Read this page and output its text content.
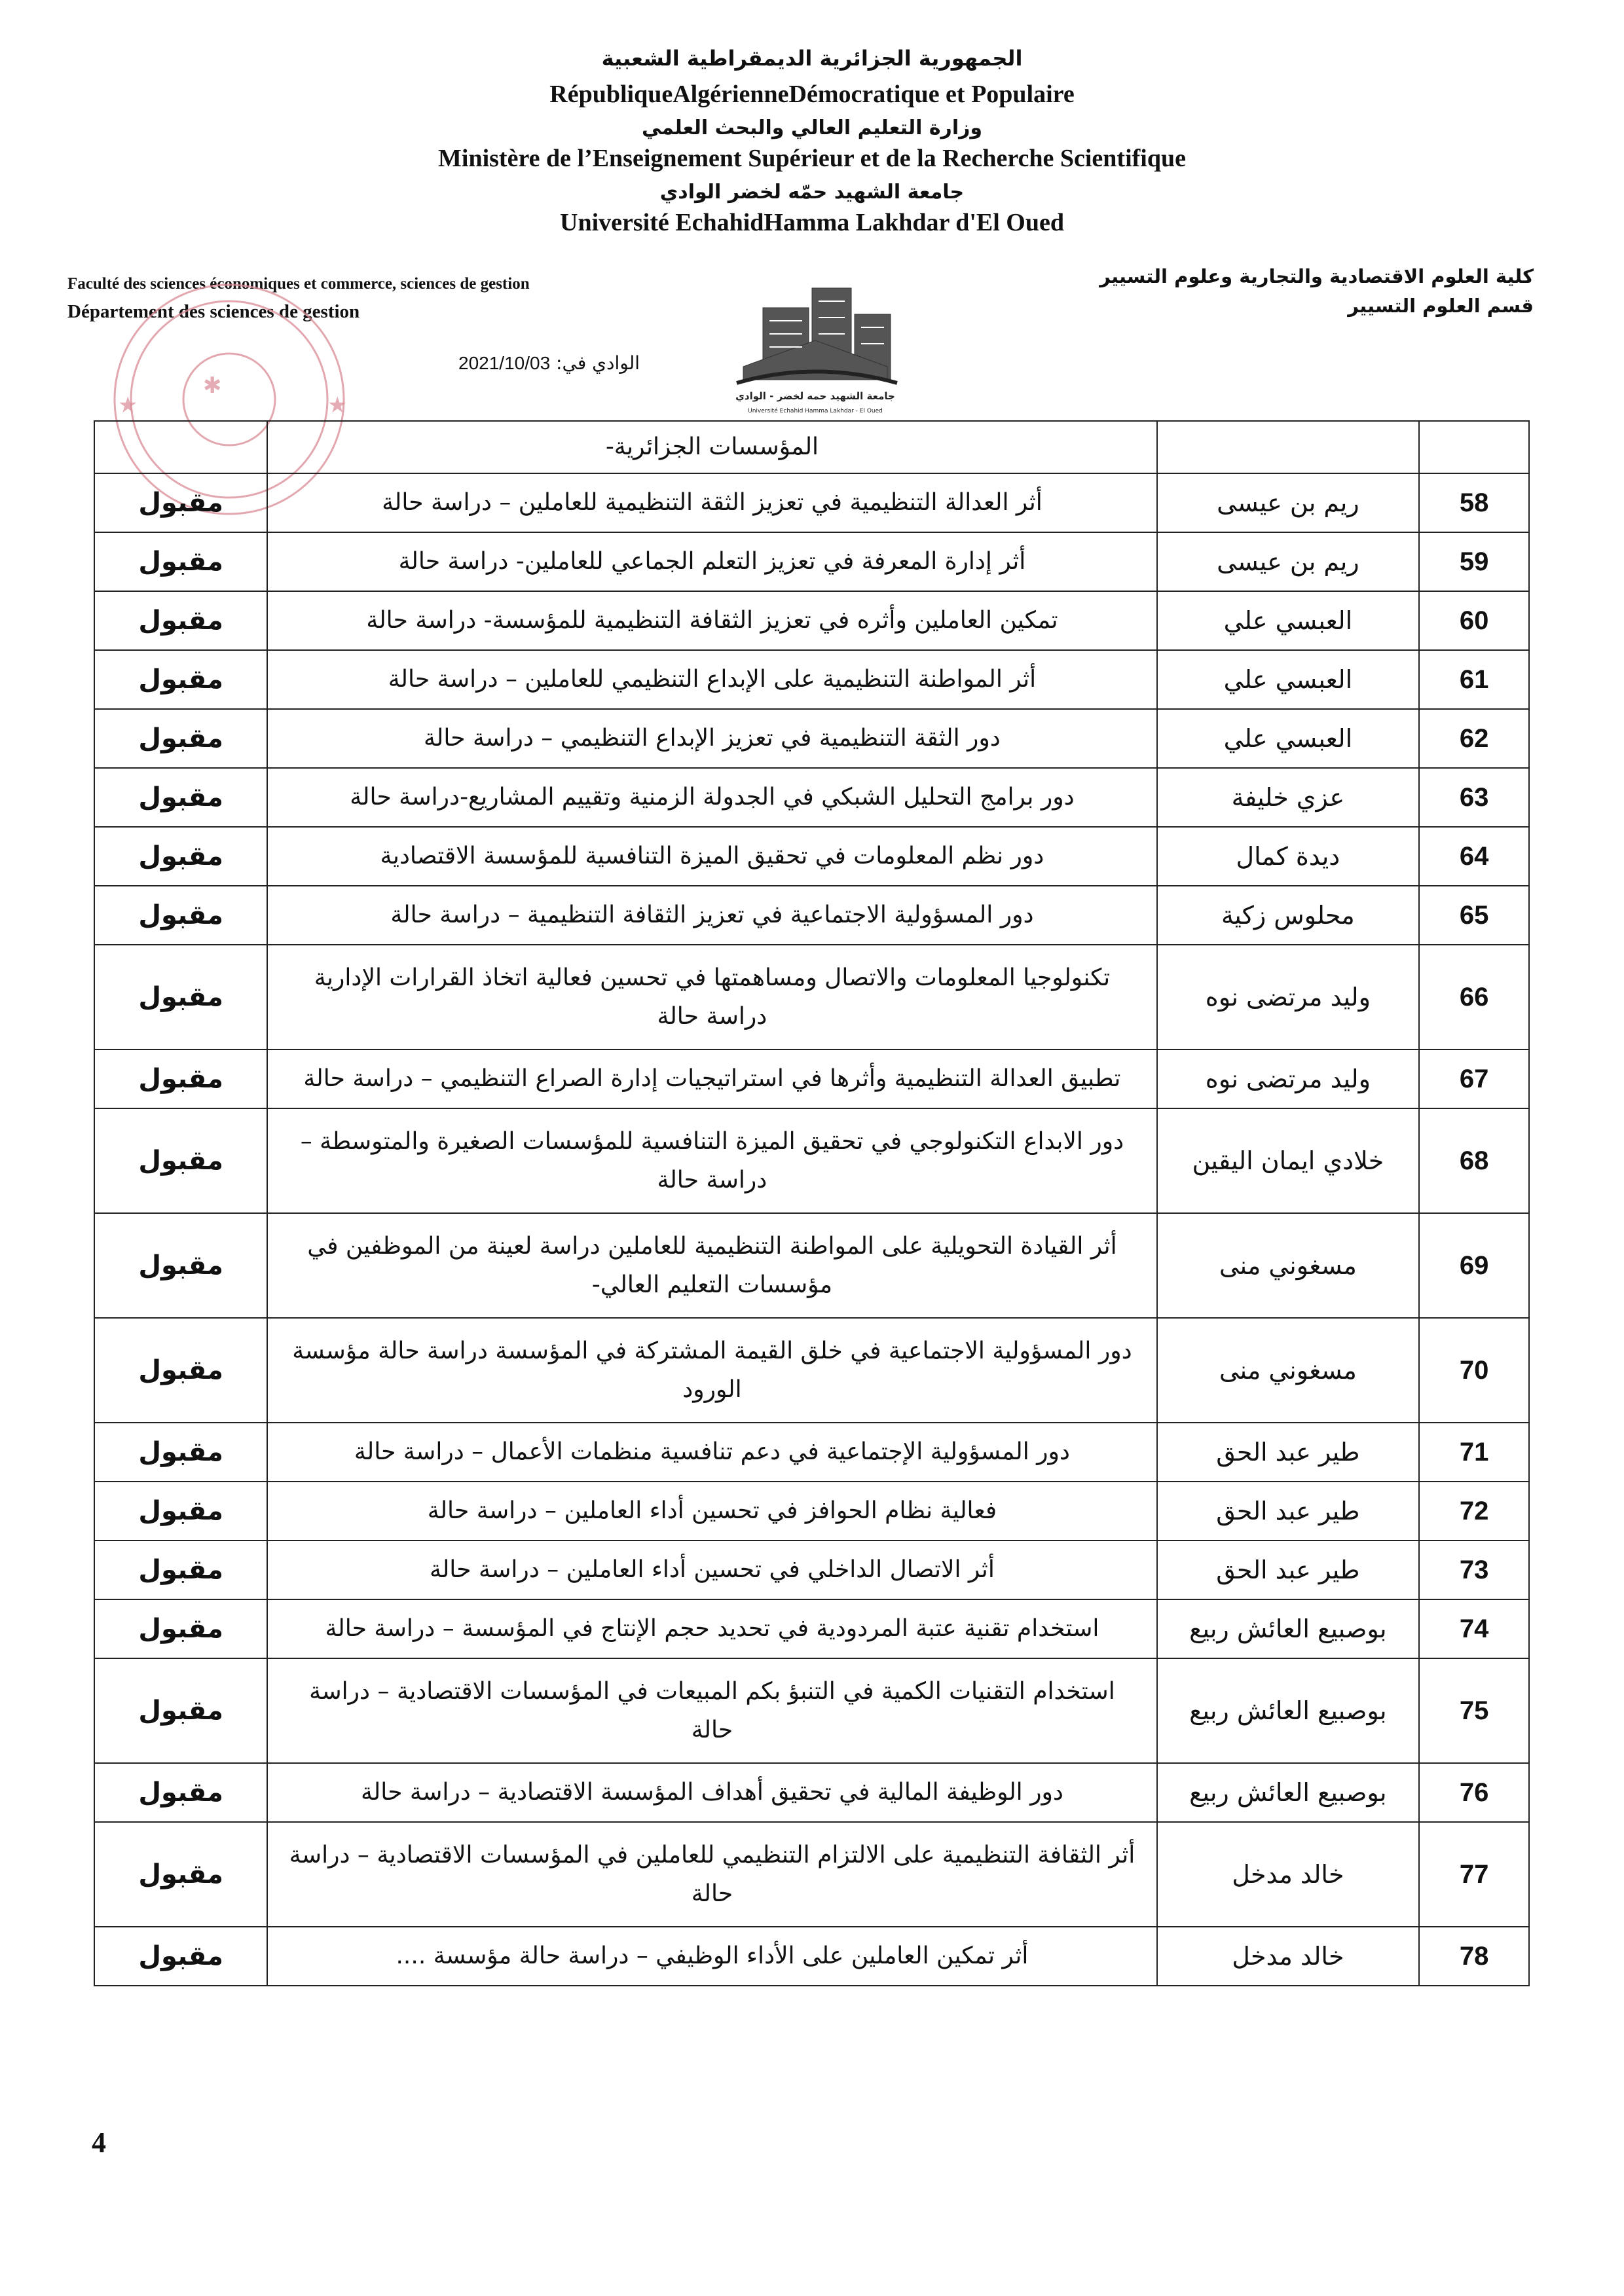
الجمهورية الجزائرية الديمقراطية الشعبية
RépubliqueAlgérienneDémocratique et Populaire
وزارة التعليم العالي والبحث العلمي
Ministère de l’Enseignement Supérieur et de la Recherche Scientifique
جامعة الشهيد حمّه لخضر الوادي
Université EchahidHamma Lakhdar d'El Oued
Faculté des sciences économiques et commerce, sciences de gestion
Département des sciences de gestion
كلية العلوم الاقتصادية والتجارية وعلوم التسيير
قسم العلوم التسيير
✱
★	★	جامعة الشهيد حمه لخضر - الوادي
Université Echahid Hamma Lakhdar - El Oued
الوادي في: 2021/10/03
		المؤسسات الجزائرية-	
58	ريم بن عيسى	أثر العدالة التنظيمية في تعزيز الثقة التنظيمية للعاملين – دراسة حالة	مقبول
59	ريم بن عيسى	أثر إدارة المعرفة في تعزيز التعلم الجماعي للعاملين- دراسة حالة	مقبول
60	العبسي علي	تمكين العاملين وأثره في تعزيز الثقافة التنظيمية للمؤسسة- دراسة حالة	مقبول
61	العبسي علي	أثر المواطنة التنظيمية على الإبداع التنظيمي للعاملين – دراسة حالة	مقبول
62	العبسي علي	دور الثقة التنظيمية في تعزيز الإبداع التنظيمي – دراسة حالة	مقبول
63	عزي خليفة	دور برامج التحليل الشبكي في الجدولة الزمنية وتقييم المشاريع-دراسة حالة	مقبول
64	ديدة كمال	دور نظم المعلومات في تحقيق الميزة التنافسية للمؤسسة الاقتصادية	مقبول
65	محلوس زكية	دور المسؤولية الاجتماعية في تعزيز الثقافة التنظيمية – دراسة حالة	مقبول
66	وليد مرتضى نوه	تكنولوجيا المعلومات والاتصال ومساهمتها في تحسين فعالية اتخاذ القرارات الإدارية دراسة حالة	مقبول
67	وليد مرتضى نوه	تطبيق العدالة التنظيمية وأثرها في استراتيجيات إدارة الصراع التنظيمي – دراسة حالة	مقبول
68	خلادي ايمان اليقين	دور الابداع التكنولوجي في تحقيق الميزة التنافسية للمؤسسات الصغيرة والمتوسطة – دراسة حالة	مقبول
69	مسغوني منى	أثر القيادة التحويلية على المواطنة التنظيمية للعاملين دراسة لعينة من الموظفين في مؤسسات التعليم العالي-	مقبول
70	مسغوني منى	دور المسؤولية الاجتماعية في خلق القيمة المشتركة في المؤسسة دراسة حالة مؤسسة الورود	مقبول
71	طير عبد الحق	دور المسؤولية الإجتماعية في دعم تنافسية منظمات الأعمال – دراسة حالة	مقبول
72	طير عبد الحق	فعالية نظام الحوافز في تحسين أداء العاملين – دراسة حالة	مقبول
73	طير عبد الحق	أثر الاتصال الداخلي في تحسين أداء العاملين – دراسة حالة	مقبول
74	بوصبيع العائش ربيع	استخدام تقنية عتبة المردودية في تحديد حجم الإنتاج في المؤسسة – دراسة حالة	مقبول
75	بوصبيع العائش ربيع	استخدام التقنيات الكمية في التنبؤ بكم المبيعات في المؤسسات الاقتصادية – دراسة حالة	مقبول
76	بوصبيع العائش ربيع	دور الوظيفة المالية في تحقيق أهداف المؤسسة الاقتصادية – دراسة حالة	مقبول
77	خالد مدخل	أثر الثقافة التنظيمية على الالتزام التنظيمي للعاملين في المؤسسات الاقتصادية – دراسة حالة	مقبول
78	خالد مدخل	أثر تمكين العاملين على الأداء الوظيفي – دراسة حالة مؤسسة ....	مقبول
4
